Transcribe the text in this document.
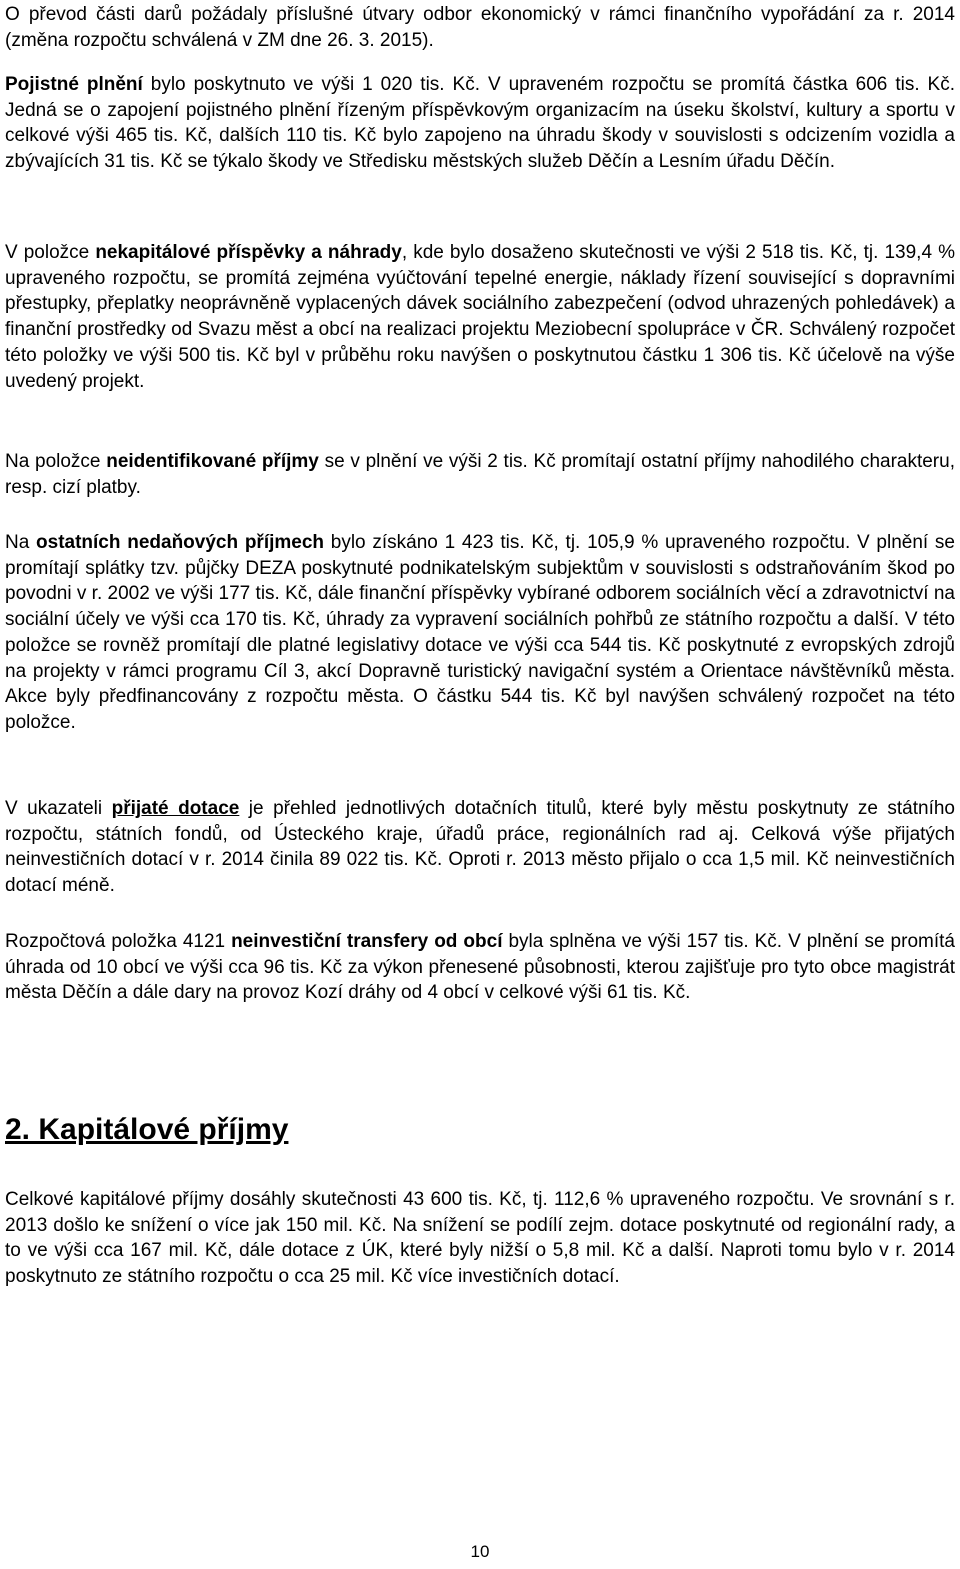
O převod části darů požádaly příslušné útvary odbor ekonomický v rámci finančního vypořádání za r. 2014 (změna rozpočtu schválená v ZM dne 26. 3. 2015).

Pojistné plnění bylo poskytnuto ve výši 1 020 tis. Kč. V upraveném rozpočtu se promítá částka 606 tis. Kč. Jedná se o zapojení pojistného plnění řízeným příspěvkovým organizacím na úseku školství, kultury a sportu v celkové výši 465 tis. Kč, dalších 110 tis. Kč bylo zapojeno na úhradu škody v souvislosti s odcizením vozidla a zbývajících 31 tis. Kč se týkalo škody ve Středisku městských služeb Děčín a Lesním úřadu Děčín.

V položce nekapitálové příspěvky a náhrady, kde bylo dosaženo skutečnosti ve výši 2 518 tis. Kč, tj. 139,4 % upraveného rozpočtu, se promítá zejména vyúčtování tepelné energie, náklady řízení související s dopravními přestupky, přeplatky neoprávněně vyplacených dávek sociálního zabezpečení (odvod uhrazených pohledávek) a finanční prostředky od Svazu měst a obcí na realizaci projektu Meziobecní spolupráce v ČR. Schválený rozpočet této položky ve výši 500 tis. Kč byl v průběhu roku navýšen o poskytnutou částku 1 306 tis. Kč účelově na výše uvedený projekt.

Na položce neidentifikované příjmy se v plnění ve výši 2 tis. Kč promítají ostatní příjmy nahodilého charakteru, resp. cizí platby.

Na ostatních nedaňových příjmech bylo získáno 1 423 tis. Kč, tj. 105,9 % upraveného rozpočtu. V plnění se promítají splátky tzv. půjčky DEZA poskytnuté podnikatelským subjektům v souvislosti s odstraňováním škod po povodni v r. 2002 ve výši 177 tis. Kč, dále finanční příspěvky vybírané odborem sociálních věcí a zdravotnictví na sociální účely ve výši cca 170 tis. Kč, úhrady za vypravení sociálních pohřbů ze státního rozpočtu a další. V této položce se rovněž promítají dle platné legislativy dotace ve výši cca 544 tis. Kč poskytnuté z evropských zdrojů na projekty v rámci programu Cíl 3, akcí Dopravně turistický navigační systém a Orientace návštěvníků města. Akce byly předfinancovány z rozpočtu města. O částku 544 tis. Kč byl navýšen schválený rozpočet na této položce.

V ukazateli přijaté dotace je přehled jednotlivých dotačních titulů, které byly městu poskytnuty ze státního rozpočtu, státních fondů, od Ústeckého kraje, úřadů práce, regionálních rad aj. Celková výše přijatých neinvestičních dotací v r. 2014 činila 89 022 tis. Kč. Oproti r. 2013 město přijalo o cca 1,5 mil. Kč neinvestičních dotací méně.

Rozpočtová položka 4121 neinvestiční transfery od obcí byla splněna ve výši 157 tis. Kč. V plnění se promítá úhrada od 10 obcí ve výši cca 96 tis. Kč za výkon přenesené působnosti, kterou zajišťuje pro tyto obce magistrát města Děčín a dále dary na provoz Kozí dráhy od 4 obcí v celkové výši 61 tis. Kč.

2. Kapitálové příjmy

Celkové kapitálové příjmy dosáhly skutečnosti 43 600 tis. Kč, tj. 112,6 % upraveného rozpočtu. Ve srovnání s r. 2013 došlo ke snížení o více jak 150 mil. Kč. Na snížení se podílí zejm. dotace poskytnuté od regionální rady, a to ve výši cca 167 mil. Kč, dále dotace z ÚK, které byly nižší o 5,8 mil. Kč a další. Naproti tomu bylo v r. 2014 poskytnuto ze státního rozpočtu o cca 25 mil. Kč více investičních dotací.

10
